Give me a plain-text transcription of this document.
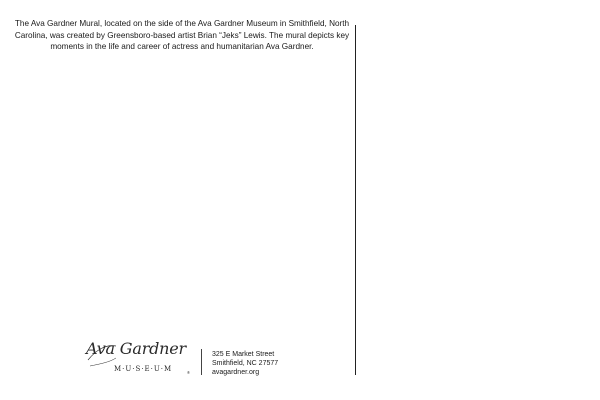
The Ava Gardner Mural, located on the side of the Ava Gardner Museum in Smithfield, North Carolina, was created by Greensboro-based artist Brian “Jeks” Lewis. The mural depicts key moments in the life and career of actress and humanitarian Ava Gardner.

Ava Gardner
M·U·S·E·U·M	®
325 E Market Street
Smithfield, NC 27577
avagardner.org
